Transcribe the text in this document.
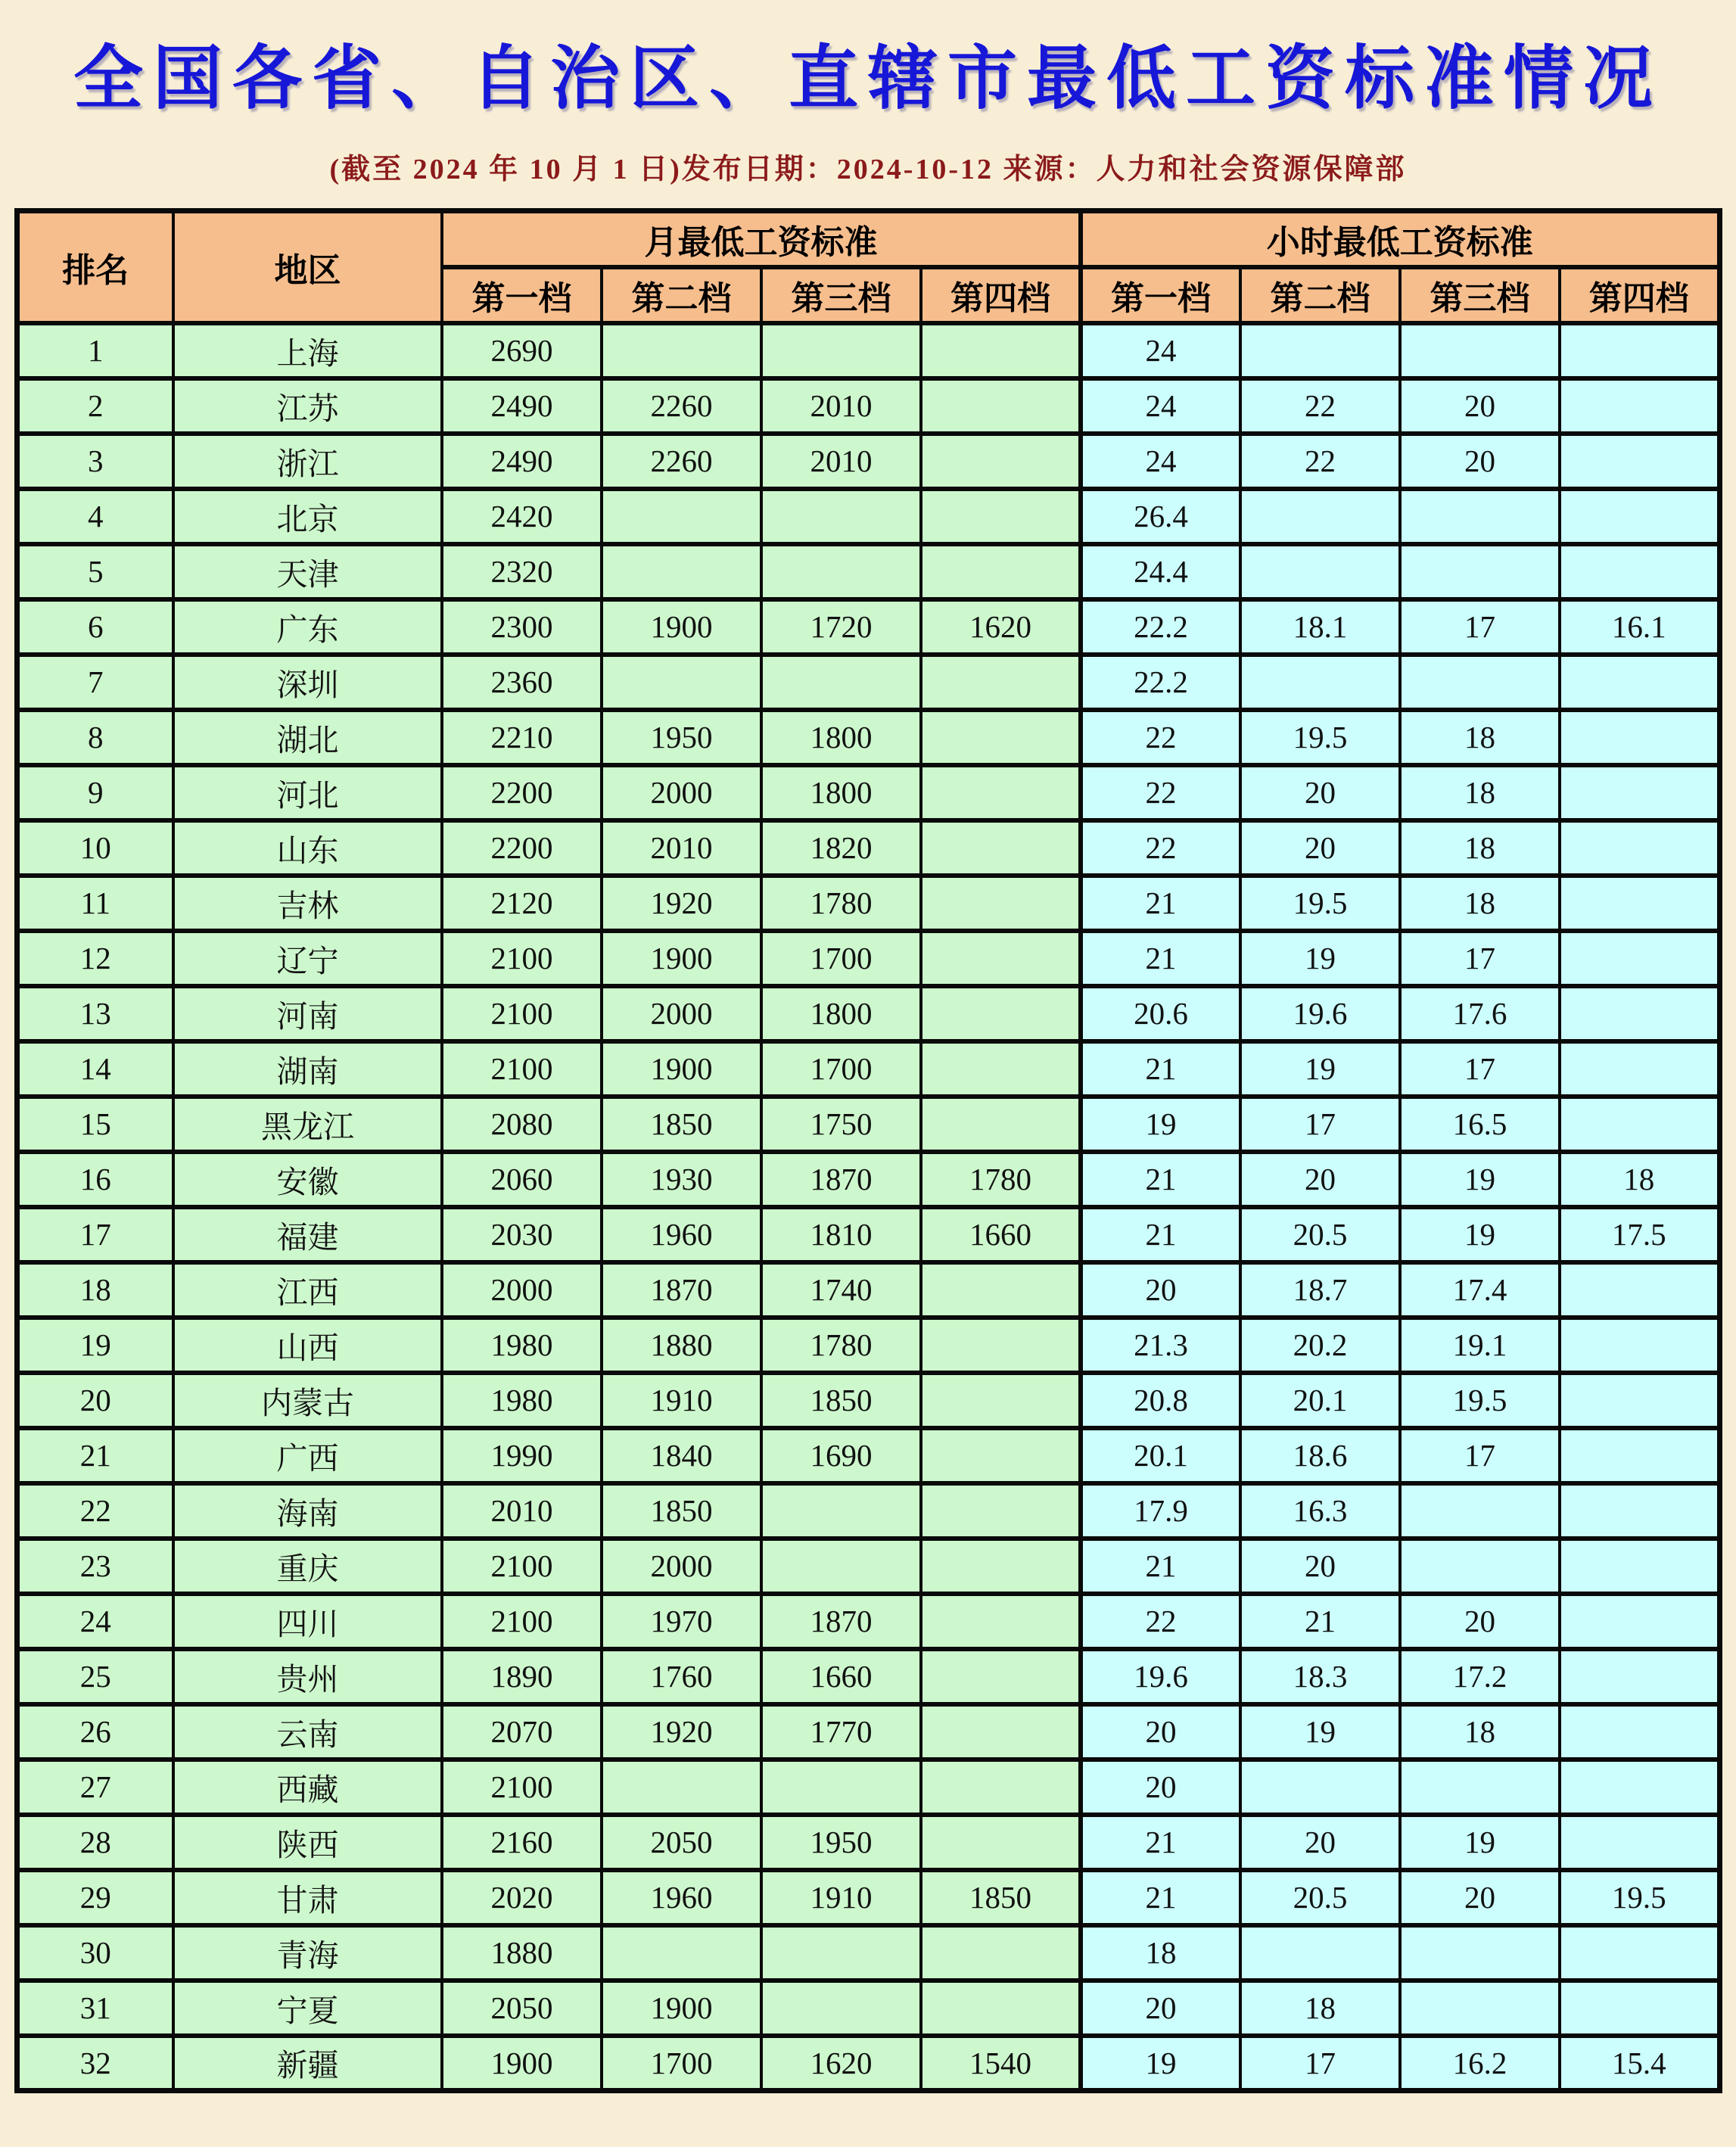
全国各省、自治区、直辖市最低工资标准情况
(截至 2024 年 10 月 1 日)发布日期：2024-10-12 来源：人力和社会资源保障部
排名	地区	月最低工资标准				小时最低工资标准			
		第一档	第二档	第三档	第四档	第一档	第二档	第三档	第四档
1	上海	2690				24			
2	江苏	2490	2260	2010		24	22	20	
3	浙江	2490	2260	2010		24	22	20	
4	北京	2420				26.4			
5	天津	2320				24.4			
6	广东	2300	1900	1720	1620	22.2	18.1	17	16.1
7	深圳	2360				22.2			
8	湖北	2210	1950	1800		22	19.5	18	
9	河北	2200	2000	1800		22	20	18	
10	山东	2200	2010	1820		22	20	18	
11	吉林	2120	1920	1780		21	19.5	18	
12	辽宁	2100	1900	1700		21	19	17	
13	河南	2100	2000	1800		20.6	19.6	17.6	
14	湖南	2100	1900	1700		21	19	17	
15	黑龙江	2080	1850	1750		19	17	16.5	
16	安徽	2060	1930	1870	1780	21	20	19	18
17	福建	2030	1960	1810	1660	21	20.5	19	17.5
18	江西	2000	1870	1740		20	18.7	17.4	
19	山西	1980	1880	1780		21.3	20.2	19.1	
20	内蒙古	1980	1910	1850		20.8	20.1	19.5	
21	广西	1990	1840	1690		20.1	18.6	17	
22	海南	2010	1850			17.9	16.3		
23	重庆	2100	2000			21	20		
24	四川	2100	1970	1870		22	21	20	
25	贵州	1890	1760	1660		19.6	18.3	17.2	
26	云南	2070	1920	1770		20	19	18	
27	西藏	2100				20			
28	陕西	2160	2050	1950		21	20	19	
29	甘肃	2020	1960	1910	1850	21	20.5	20	19.5
30	青海	1880				18			
31	宁夏	2050	1900			20	18		
32	新疆	1900	1700	1620	1540	19	17	16.2	15.4
